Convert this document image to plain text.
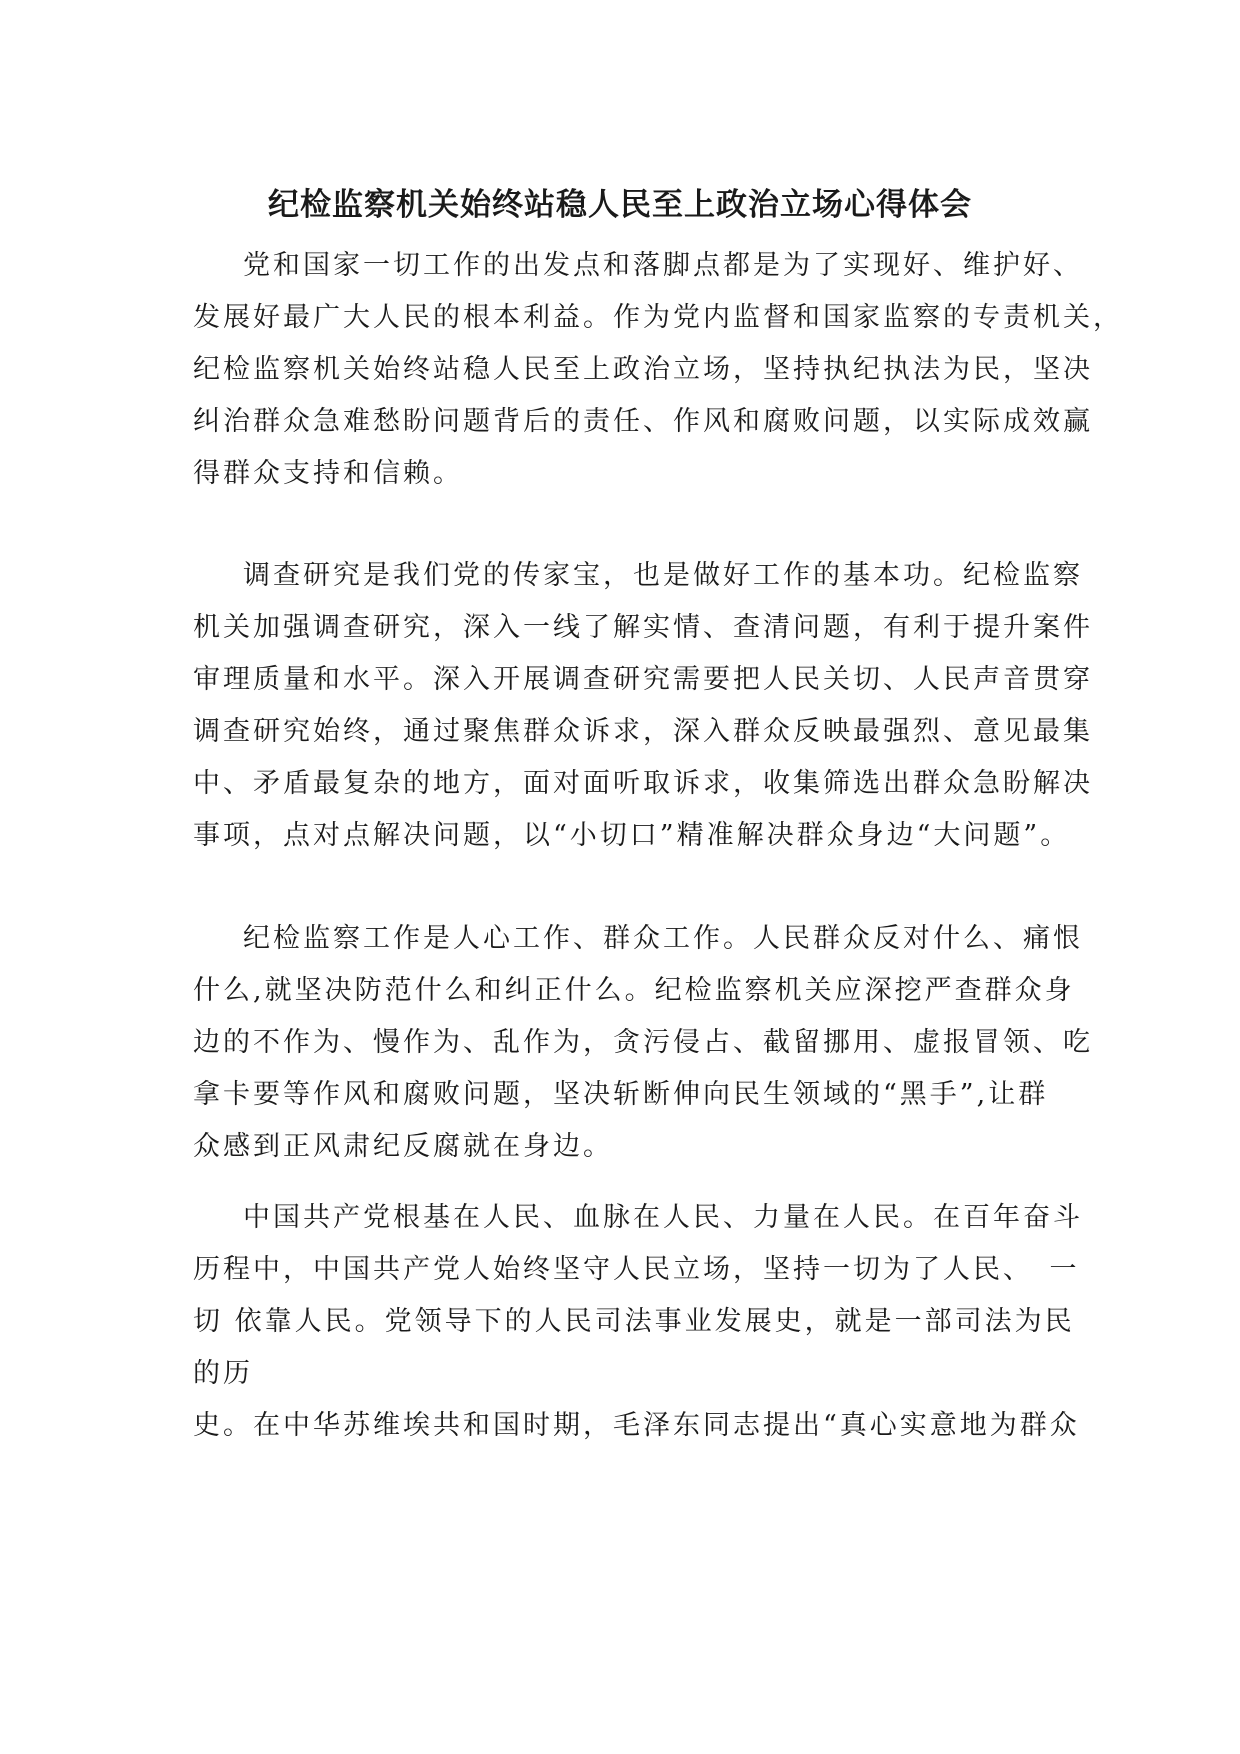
纪检监察机关始终站稳人民至上政治立场心得体会
党和国家一切工作的出发点和落脚点都是为了实现好、维护好、
发展好最广大人民的根本利益。作为党内监督和国家监察的专责机关，
纪检监察机关始终站稳人民至上政治立场，坚持执纪执法为民，坚决
纠治群众急难愁盼问题背后的责任、作风和腐败问题，以实际成效赢
得群众支持和信赖。
调查研究是我们党的传家宝，也是做好工作的基本功。纪检监察
机关加强调查研究，深入一线了解实情、查清问题，有利于提升案件
审理质量和水平。深入开展调查研究需要把人民关切、人民声音贯穿
调查研究始终，通过聚焦群众诉求，深入群众反映最强烈、意见最集
中、矛盾最复杂的地方，面对面听取诉求，收集筛选出群众急盼解决
事项，点对点解决问题，以“小切口”精准解决群众身边“大问题”。
纪检监察工作是人心工作、群众工作。人民群众反对什么、痛恨
什么,就坚决防范什么和纠正什么。纪检监察机关应深挖严查群众身
边的不作为、慢作为、乱作为，贪污侵占、截留挪用、虚报冒领、吃
拿卡要等作风和腐败问题，坚决斩断伸向民生领域的“黑手”,让群
众感到正风肃纪反腐就在身边。
中国共产党根基在人民、血脉在人民、力量在人民。在百年奋斗
历程中，中国共产党人始终坚守人民立场，坚持一切为了人民、　一
切 依靠人民。党领导下的人民司法事业发展史，就是一部司法为民
的历
史。在中华苏维埃共和国时期，毛泽东同志提出“真心实意地为群众
